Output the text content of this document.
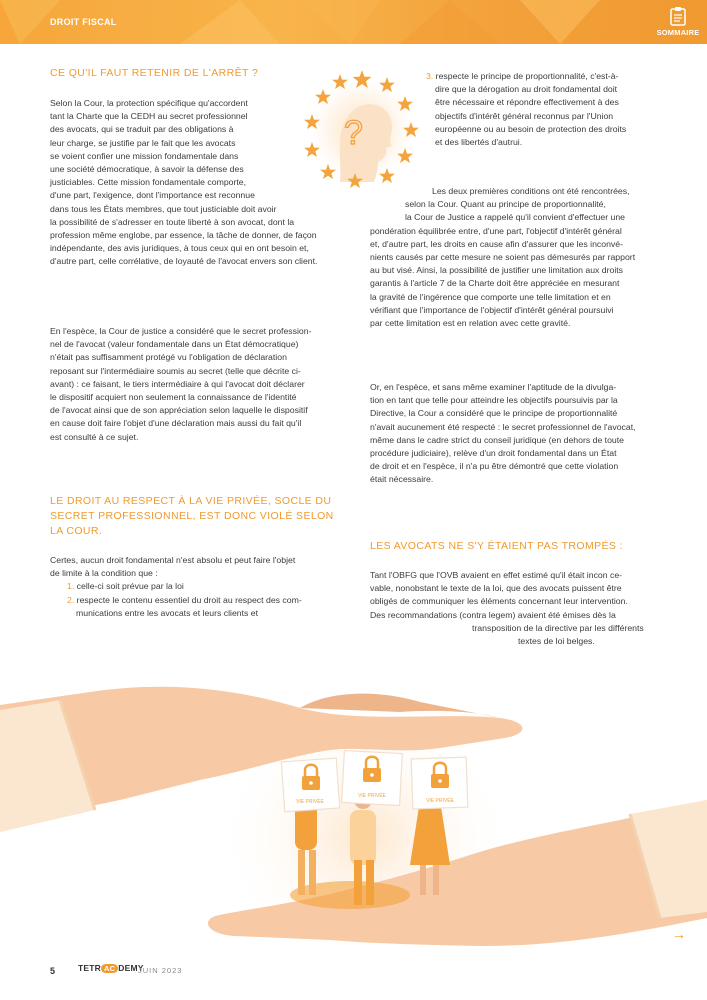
DROIT FISCAL
SOMMAIRE
?
CE QU'IL FAUT RETENIR DE L'ARRÊT ?
Selon la Cour, la protection spécifique qu'accordent
tant la Charte que la CEDH au secret professionnel
des avocats, qui se traduit par des obligations à
leur charge, se justifie par le fait que les avocats
se voient confier une mission fondamentale dans
une société démocratique, à savoir la défense des
justiciables. Cette mission fondamentale comporte,
d'une part, l'exigence, dont l'importance est reconnue
dans tous les États membres, que tout justiciable doit avoir
la possibilité de s'adresser en toute liberté à son avocat, dont la
profession même englobe, par essence, la tâche de donner, de façon
indépendante, des avis juridiques, à tous ceux qui en ont besoin et,
d'autre part, celle corrélative, de loyauté de l'avocat envers son client.
En l'espèce, la Cour de justice a considéré que le secret profession-
nel de l'avocat (valeur fondamentale dans un État démocratique)
n'était pas suffisamment protégé vu l'obligation de déclaration
reposant sur l'intermédiaire soumis au secret (telle que décrite ci-
avant) : ce faisant, le tiers intermédiaire à qui l'avocat doit déclarer
le dispositif acquiert non seulement la connaissance de l'identité
de l'avocat ainsi que de son appréciation selon laquelle le dispositif
en cause doit faire l'objet d'une déclaration mais aussi du fait qu'il
est consulté à ce sujet.
LE DROIT AU RESPECT À LA VIE PRIVÉE, SOCLE DU
SECRET PROFESSIONNEL, EST DONC VIOLÉ SELON
LA COUR.
Certes, aucun droit fondamental n'est absolu et peut faire l'objet
de limite à la condition que :
1. celle-ci soit prévue par la loi
2. respecte le contenu essentiel du droit au respect des com-
munications entre les avocats et leurs clients et
3. respecte le principe de proportionnalité, c'est-à-
dire que la dérogation au droit fondamental doit
être nécessaire et répondre effectivement à des
objectifs d'intérêt général reconnus par l'Union
européenne ou au besoin de protection des droits
et des libertés d'autrui.
Les deux premières conditions ont été rencontrées,
selon la Cour. Quant au principe de proportionnalité,
la Cour de Justice a rappelé qu'il convient d'effectuer une
pondération équilibrée entre, d'une part, l'objectif d'intérêt général
et, d'autre part, les droits en cause afin d'assurer que les inconvé-
nients causés par cette mesure ne soient pas démesurés par rapport
au but visé. Ainsi, la possibilité de justifier une limitation aux droits
garantis à l'article 7 de la Charte doit être appréciée en mesurant
la gravité de l'ingérence que comporte une telle limitation et en
vérifiant que l'importance de l'objectif d'intérêt général poursuivi
par cette limitation est en relation avec cette gravité.
Or, en l'espèce, et sans même examiner l'aptitude de la divulga-
tion en tant que telle pour atteindre les objectifs poursuivis par la
Directive, la Cour a considéré que le principe de proportionnalité
n'avait aucunement été respecté : le secret professionnel de l'avocat,
même dans le cadre strict du conseil juridique (en dehors de toute
procédure judiciaire), relève d'un droit fondamental dans un État
de droit et en l'espèce, il n'a pu être démontré que cette violation
était nécessaire.
LES AVOCATS NE S'Y ÉTAIENT PAS TROMPÉS :
Tant l'OBFG que l'OVB avaient en effet estimé qu'il était incon ce-
vable, nonobstant le texte de la loi, que des avocats puissent être
obligés de communiquer les éléments concernant leur intervention.
Des recommandations (contra legem) avaient été émises dès la
transposition de la directive par les différents
textes de loi belges.
VIE PRIVÉE
VIE PRIVÉE
VIE PRIVÉE
→
5	TETR AC DEMY
JUIN 2023
